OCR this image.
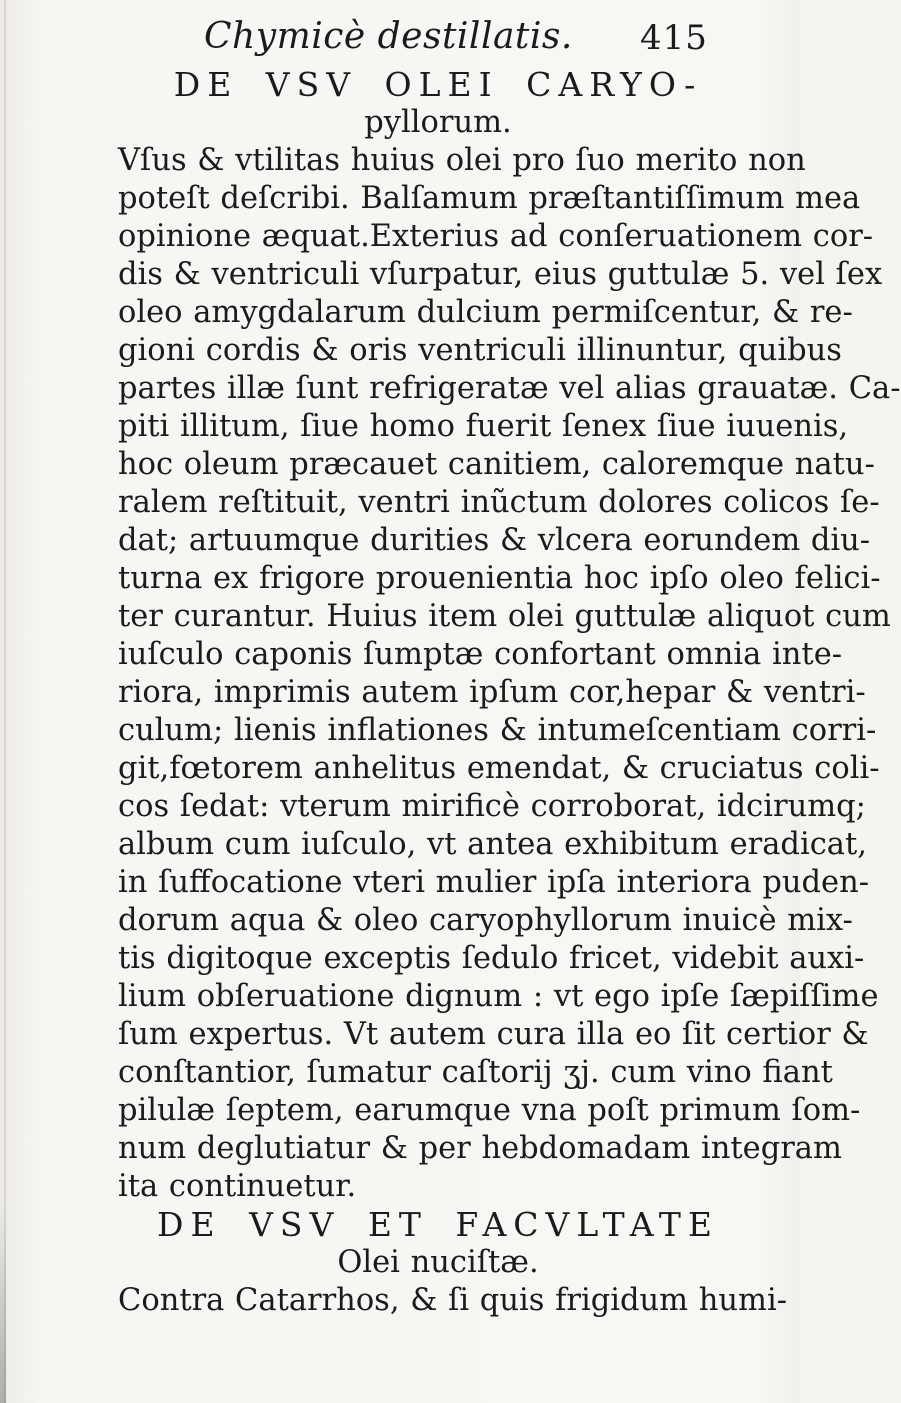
Chymicè destillatis. 415
DE VSV OLEI CARYO-
pyllorum.
Vſus & vtilitas huius olei pro ſuo merito non
poteſt deſcribi. Balſamum præſtantiſſimum mea
opinione æquat.Exterius ad conſeruationem cor-
dis & ventriculi vſurpatur, eius guttulæ 5. vel ſex
oleo amygdalarum dulcium permiſcentur, & re-
gioni cordis & oris ventriculi illinuntur, quibus
partes illæ ſunt refrigeratæ vel alias grauatæ. Ca-
piti illitum, ſiue homo fuerit ſenex ſiue iuuenis,
hoc oleum præcauet canitiem, caloremque natu-
ralem reſtituit, ventri inũctum dolores colicos ſe-
dat; artuumque durities & vlcera eorundem diu-
turna ex frigore prouenientia hoc ipſo oleo felici-
ter curantur. Huius item olei guttulæ aliquot cum
iuſculo caponis ſumptæ confortant omnia inte-
riora, imprimis autem ipſum cor,hepar & ventri-
culum; lienis inflationes & intumeſcentiam corri-
git,fœtorem anhelitus emendat, & cruciatus coli-
cos ſedat: vterum mirificè corroborat, idcirumq;
album cum iuſculo, vt antea exhibitum eradicat,
in ſuffocatione vteri mulier ipſa interiora puden-
dorum aqua & oleo caryophyllorum inuicè mix-
tis digitoque exceptis ſedulo fricet, videbit auxi-
lium obſeruatione dignum : vt ego ipſe ſæpiſſime
ſum expertus. Vt autem cura illa eo ſit certior &
conſtantior, ſumatur caſtorij ʒj. cum vino fiant
pilulæ ſeptem, earumque vna poſt primum ſom-
num deglutiatur & per hebdomadam integram
ita continuetur.
DE VSV ET FACVLTATE
Olei nuciſtæ.
Contra Catarrhos, & ſi quis frigidum humi-
